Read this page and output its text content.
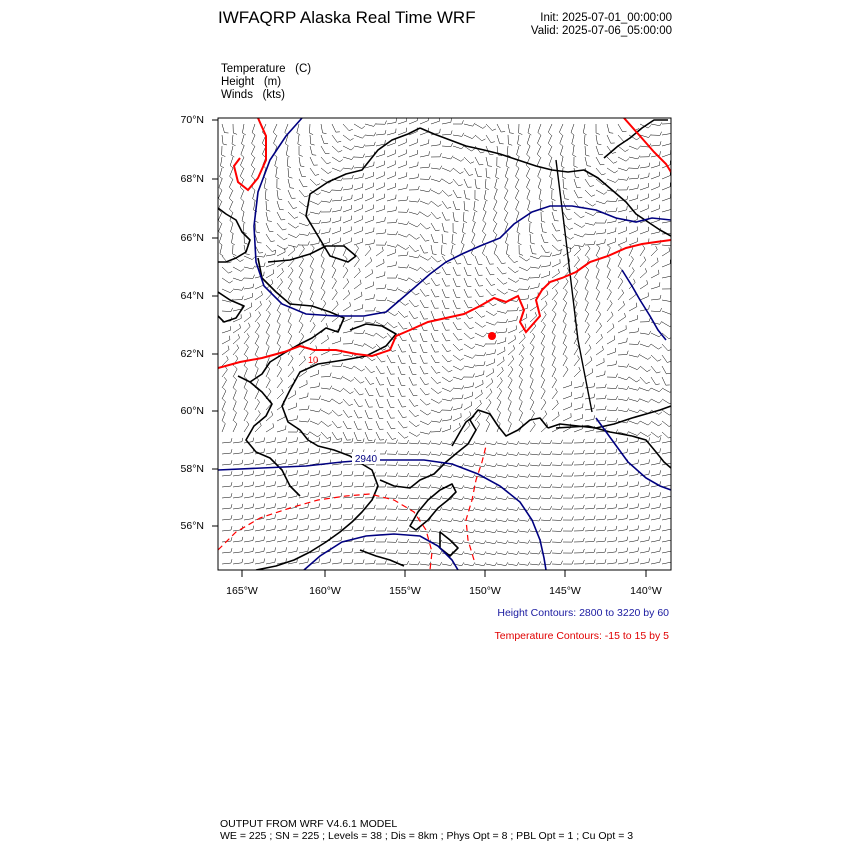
IWFAQRP Alaska Real Time WRF	Init: 2025-07-01_00:00:00
Valid: 2025-07-06_05:00:00
Temperature (C)
Height (m)
Winds (kts)
70°N
68°N
66°N
64°N
62°N
60°N
58°N
56°N
165°W	160°W	155°W	150°W	145°W	140°W
2940
10
Height Contours: 2800 to 3220 by 60
Temperature Contours: -15 to 15 by 5
OUTPUT FROM WRF V4.6.1 MODEL
WE = 225 ; SN = 225 ; Levels = 38 ; Dis = 8km ; Phys Opt = 8 ; PBL Opt = 1 ; Cu Opt = 3
